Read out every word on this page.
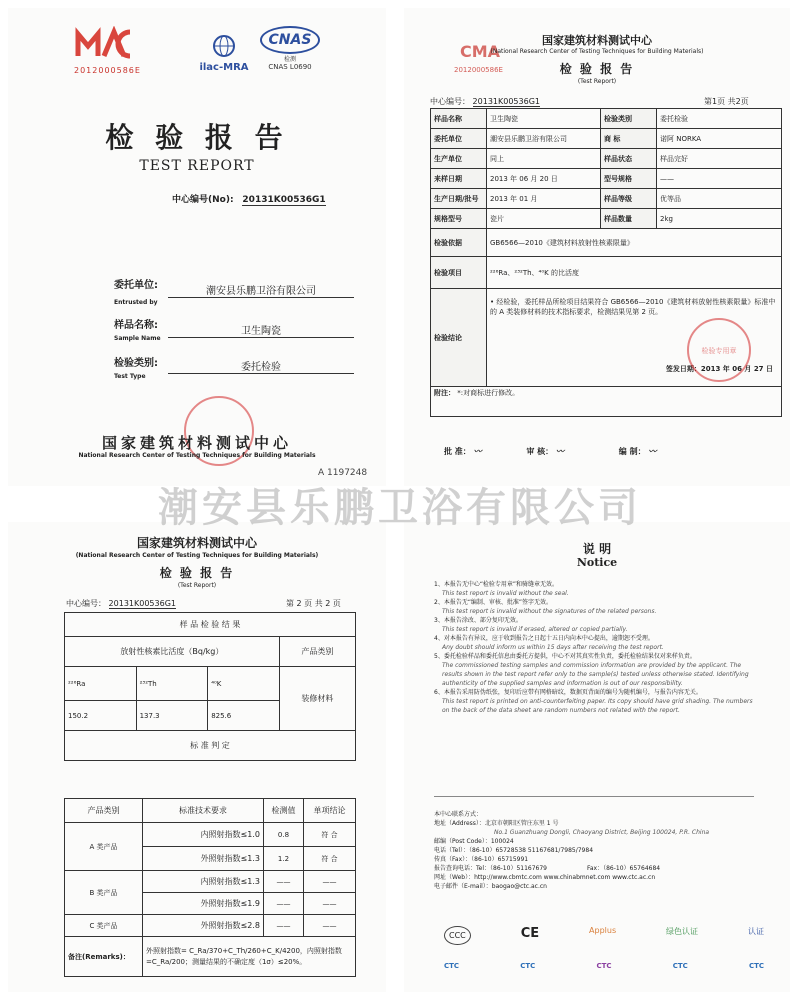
2012000586E	ilac-MRA
CNAS
检测
CNAS L0690
检 验 报 告
TEST REPORT
中心编号(No): 20131K00536G1
委托单位:
潮安县乐鹏卫浴有限公司
Entrusted by
样品名称:
卫生陶瓷
Sample Name
检验类别:	委托检验
Test Type
国家建筑材料测试中心
National Research Center of Testing Techniques for Building Materials
A 1197248
CMA
2012000586E
国家建筑材料测试中心
(National Research Center of Testing Techniques for Building Materials)
检 验 报 告
(Test Report)
中心编号： 20131K00536G1	第1页 共2页
样品名称	卫生陶瓷	检验类别	委托检验
委托单位	潮安县乐鹏卫浴有限公司	商 标	诺阿 NORKA
生产单位	同上	样品状态	样品完好
来样日期	2013 年 06 月 20 日	型号规格	——
生产日期/批号	2013 年 01 月	样品等级	优等品
规格型号	瓷片	样品数量	2kg
检验依据	GB6566—2010《建筑材料放射性核素限量》		
检验项目	²²⁶Ra、²³²Th、⁴⁰K 的比活度		
检验结论	• 经检验，委托样品所检项目结果符合 GB6566—2010《建筑材料放射性核素限量》标准中的 A 类装修材料的技术指标要求，检测结果见第 2 页。
签发日期：2013 年 06 月 27 日
检验专用章		

附注： *:对商标进行修改。			
批 准： 〰	审 核： 〰	编 制： 〰
国家建筑材料测试中心
(National Research Center of Testing Techniques for Building Materials)
检 验 报 告
(Test Report)
中心编号： 20131K00536G1	第 2 页 共 2 页
样 品 检 验 结 果			
放射性核素比活度（Bq/kg）			产品类别
²²⁶Ra	²³²Th	⁴⁰K	装修材料
150.2	137.3	825.6	
标 准 判 定			
产品类别	标准技术要求	检测值	单项结论
A 类产品	内照射指数≤1.0	0.8	符 合
	外照射指数≤1.3	1.2	符 合
B 类产品	内照射指数≤1.3	——	——
	外照射指数≤1.9	——	——
C 类产品	外照射指数≤2.8	——	——
备注(Remarks)：	外照射指数= C_Ra/370+C_Th/260+C_K/4200，内照射指数=C_Ra/200；测量结果的不确定度（1σ）≤20%。		
说 明
Notice

1、本报告无中心“检验专用章”和骑缝章无效。

This test report is invalid without the seal.

2、本报告无“编制、审核、批准”签字无效。

This test report is invalid without the signatures of the related persons.

3、本报告涂改、部分复印无效。

This test report is invalid if erased, altered or copied partially.

4、对本报告有异议，应于收到报告之日起十五日内向本中心提出，逾期恕不受理。

Any doubt should inform us within 15 days after receiving the test report.

5、委托检验样品和委托信息由委托方提供，中心不对其真实性负责，委托检验结果仅对来样负责。

The commissioned testing samples and commission information are provided by the applicant. The results shown in the test report refer only to the sample(s) tested unless otherwise stated. Identifying authenticity of the supplied samples and information is out of our responsibility.

6、本报告采用防伪纸张，复印后应带有网格暗纹，数据页背面的编号为随机编号，与报告内容无关。

This test report is printed on anti-counterfeiting paper. Its copy should have grid shading. The numbers on the back of the data sheet are random numbers not related with the report.

本中心联系方式：

地址（Address）：北京市朝阳区管庄东里 1 号

No.1 Guanzhuang Dongli, Chaoyang District, Beijing 100024, P.R. China

邮编（Post Code）：100024

电话（Tel）：（86-10）65728538 51167681/7985/7984

传真（Fax）：（86-10）65715991

报告查询电话：Tel：（86-10）51167679	Fax：（86-10）65764684

网址（Web）：http://www.cbmtc.com www.chinabmnet.com www.ctc.ac.cn

电子邮件（E-mail）：baogao@ctc.ac.cn

CCC	CE	Applus	绿色认证	认证
CTC	CTC	CTC	CTC	CTC
潮安县乐鹏卫浴有限公司
